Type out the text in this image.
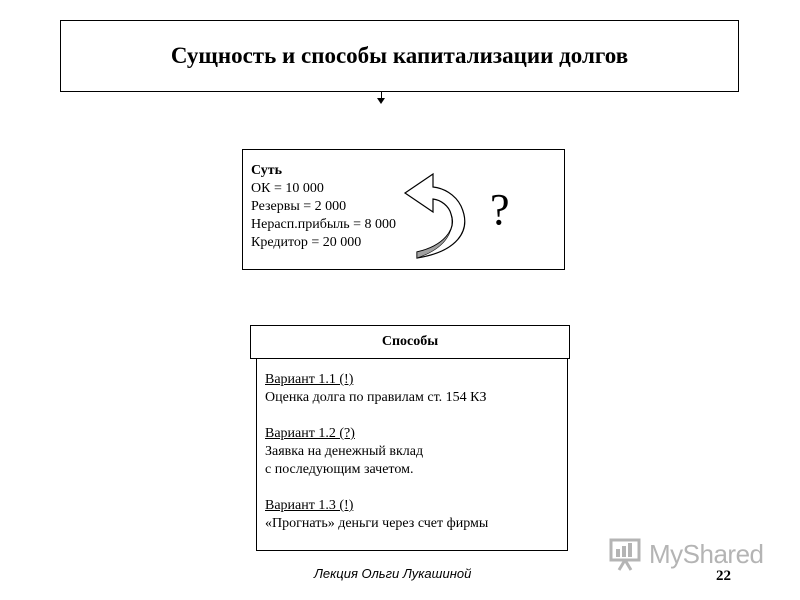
Сущность и способы капитализации долгов
Суть
ОК = 10 000
Резервы = 2 000
Нерасп.прибыль = 8 000
Кредитор = 20 000
?
Вариант 1.1 (!)
Оценка долга по правилам ст. 154 КЗ
Вариант 1.2 (?)
Заявка на денежный вклад
с последующим зачетом.
Вариант 1.3 (!)
«Прогнать» деньги через счет фирмы
Способы
MyShared
Лекция Ольги Лукашиной	22
